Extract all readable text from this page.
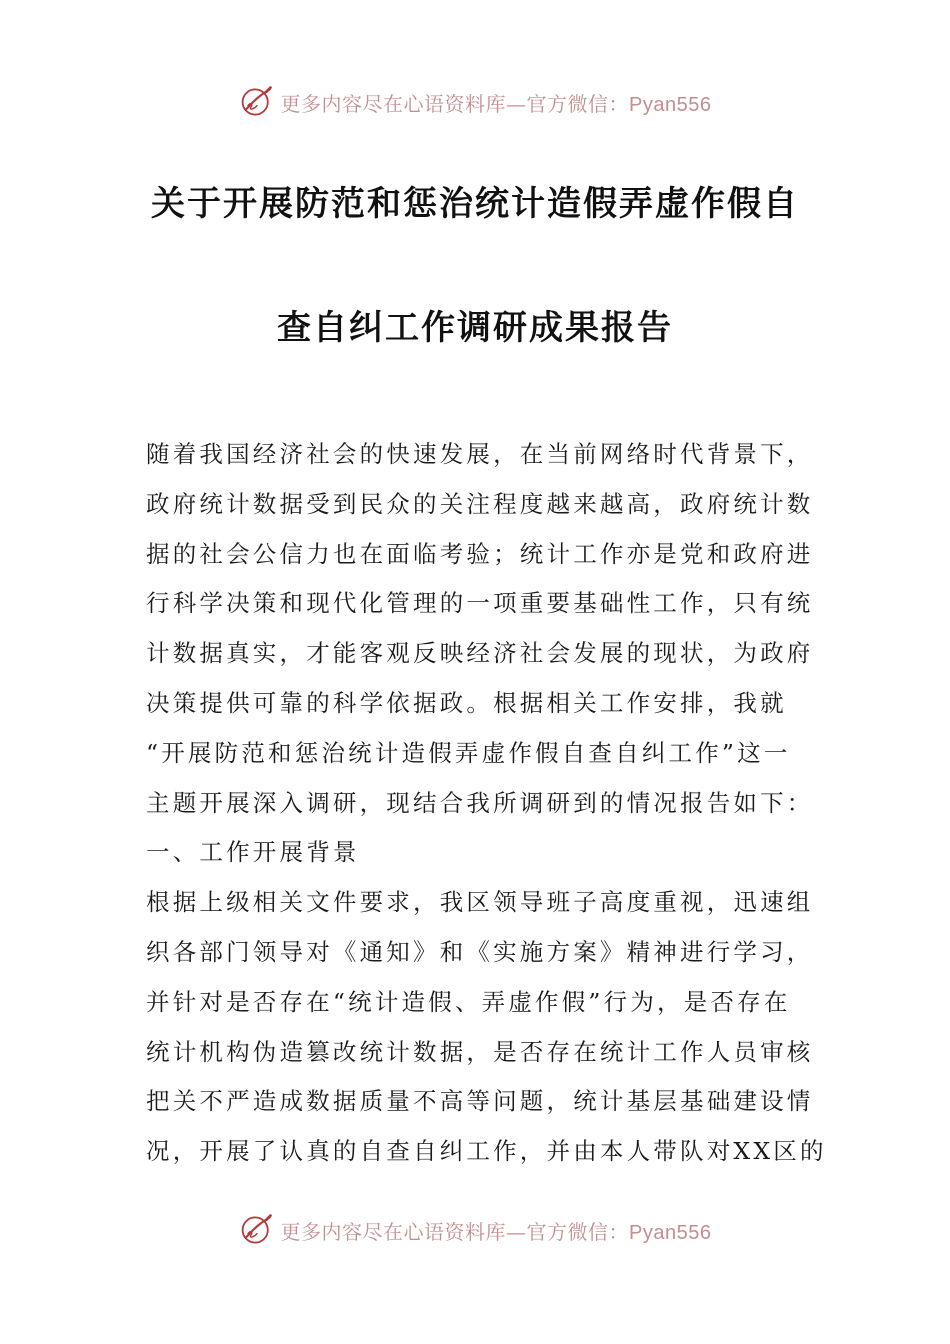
更多内容尽在心语资料库—官方微信：Pyan556
关于开展防范和惩治统计造假弄虚作假自
查自纠工作调研成果报告
随着我国经济社会的快速发展，在当前网络时代背景下，
政府统计数据受到民众的关注程度越来越高，政府统计数
据的社会公信力也在面临考验；统计工作亦是党和政府进
行科学决策和现代化管理的一项重要基础性工作，只有统
计数据真实，才能客观反映经济社会发展的现状，为政府
决策提供可靠的科学依据政。根据相关工作安排，我就
“开展防范和惩治统计造假弄虚作假自查自纠工作”这一
主题开展深入调研，现结合我所调研到的情况报告如下：
一、工作开展背景
根据上级相关文件要求，我区领导班子高度重视，迅速组
织各部门领导对《通知》和《实施方案》精神进行学习，
并针对是否存在“统计造假、弄虚作假”行为，是否存在
统计机构伪造篡改统计数据，是否存在统计工作人员审核
把关不严造成数据质量不高等问题，统计基层基础建设情
况，开展了认真的自查自纠工作，并由本人带队对XX区的
更多内容尽在心语资料库—官方微信：Pyan556
